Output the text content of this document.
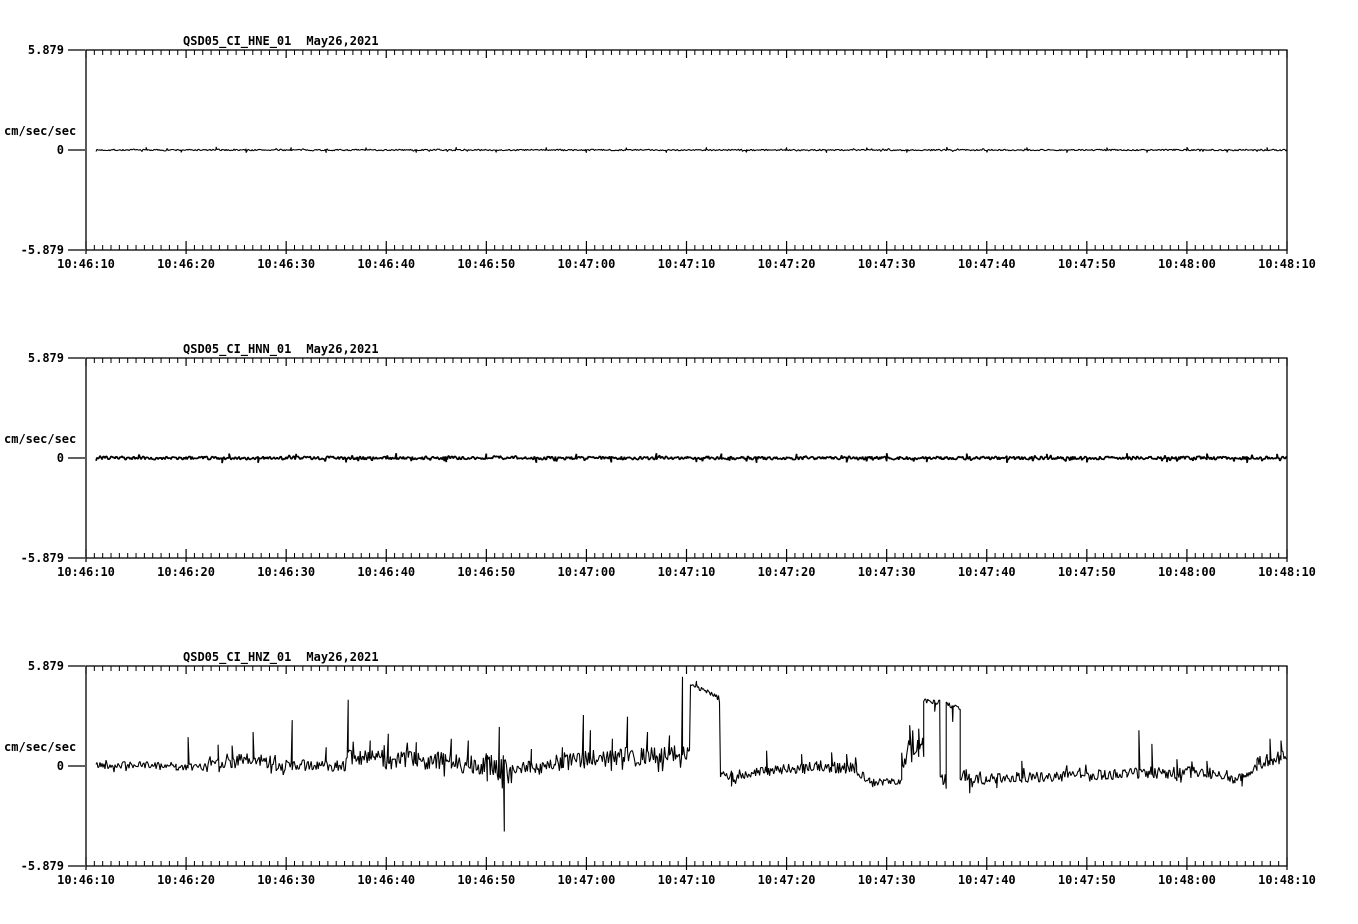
QSD05_CI_HNE_01 May26,2021
5.879
cm/sec/sec
0
-5.879
10:46:10	10:46:20	10:46:30	10:46:40	10:46:50	10:47:00	10:47:10	10:47:20	10:47:30	10:47:40	10:47:50	10:48:00	10:48:10
QSD05_CI_HNN_01 May26,2021
5.879
cm/sec/sec
0
-5.879
10:46:10	10:46:20	10:46:30	10:46:40	10:46:50	10:47:00	10:47:10	10:47:20	10:47:30	10:47:40	10:47:50	10:48:00	10:48:10
QSD05_CI_HNZ_01 May26,2021
5.879
cm/sec/sec
0
-5.879
10:46:10	10:46:20	10:46:30	10:46:40	10:46:50	10:47:00	10:47:10	10:47:20	10:47:30	10:47:40	10:47:50	10:48:00	10:48:10
